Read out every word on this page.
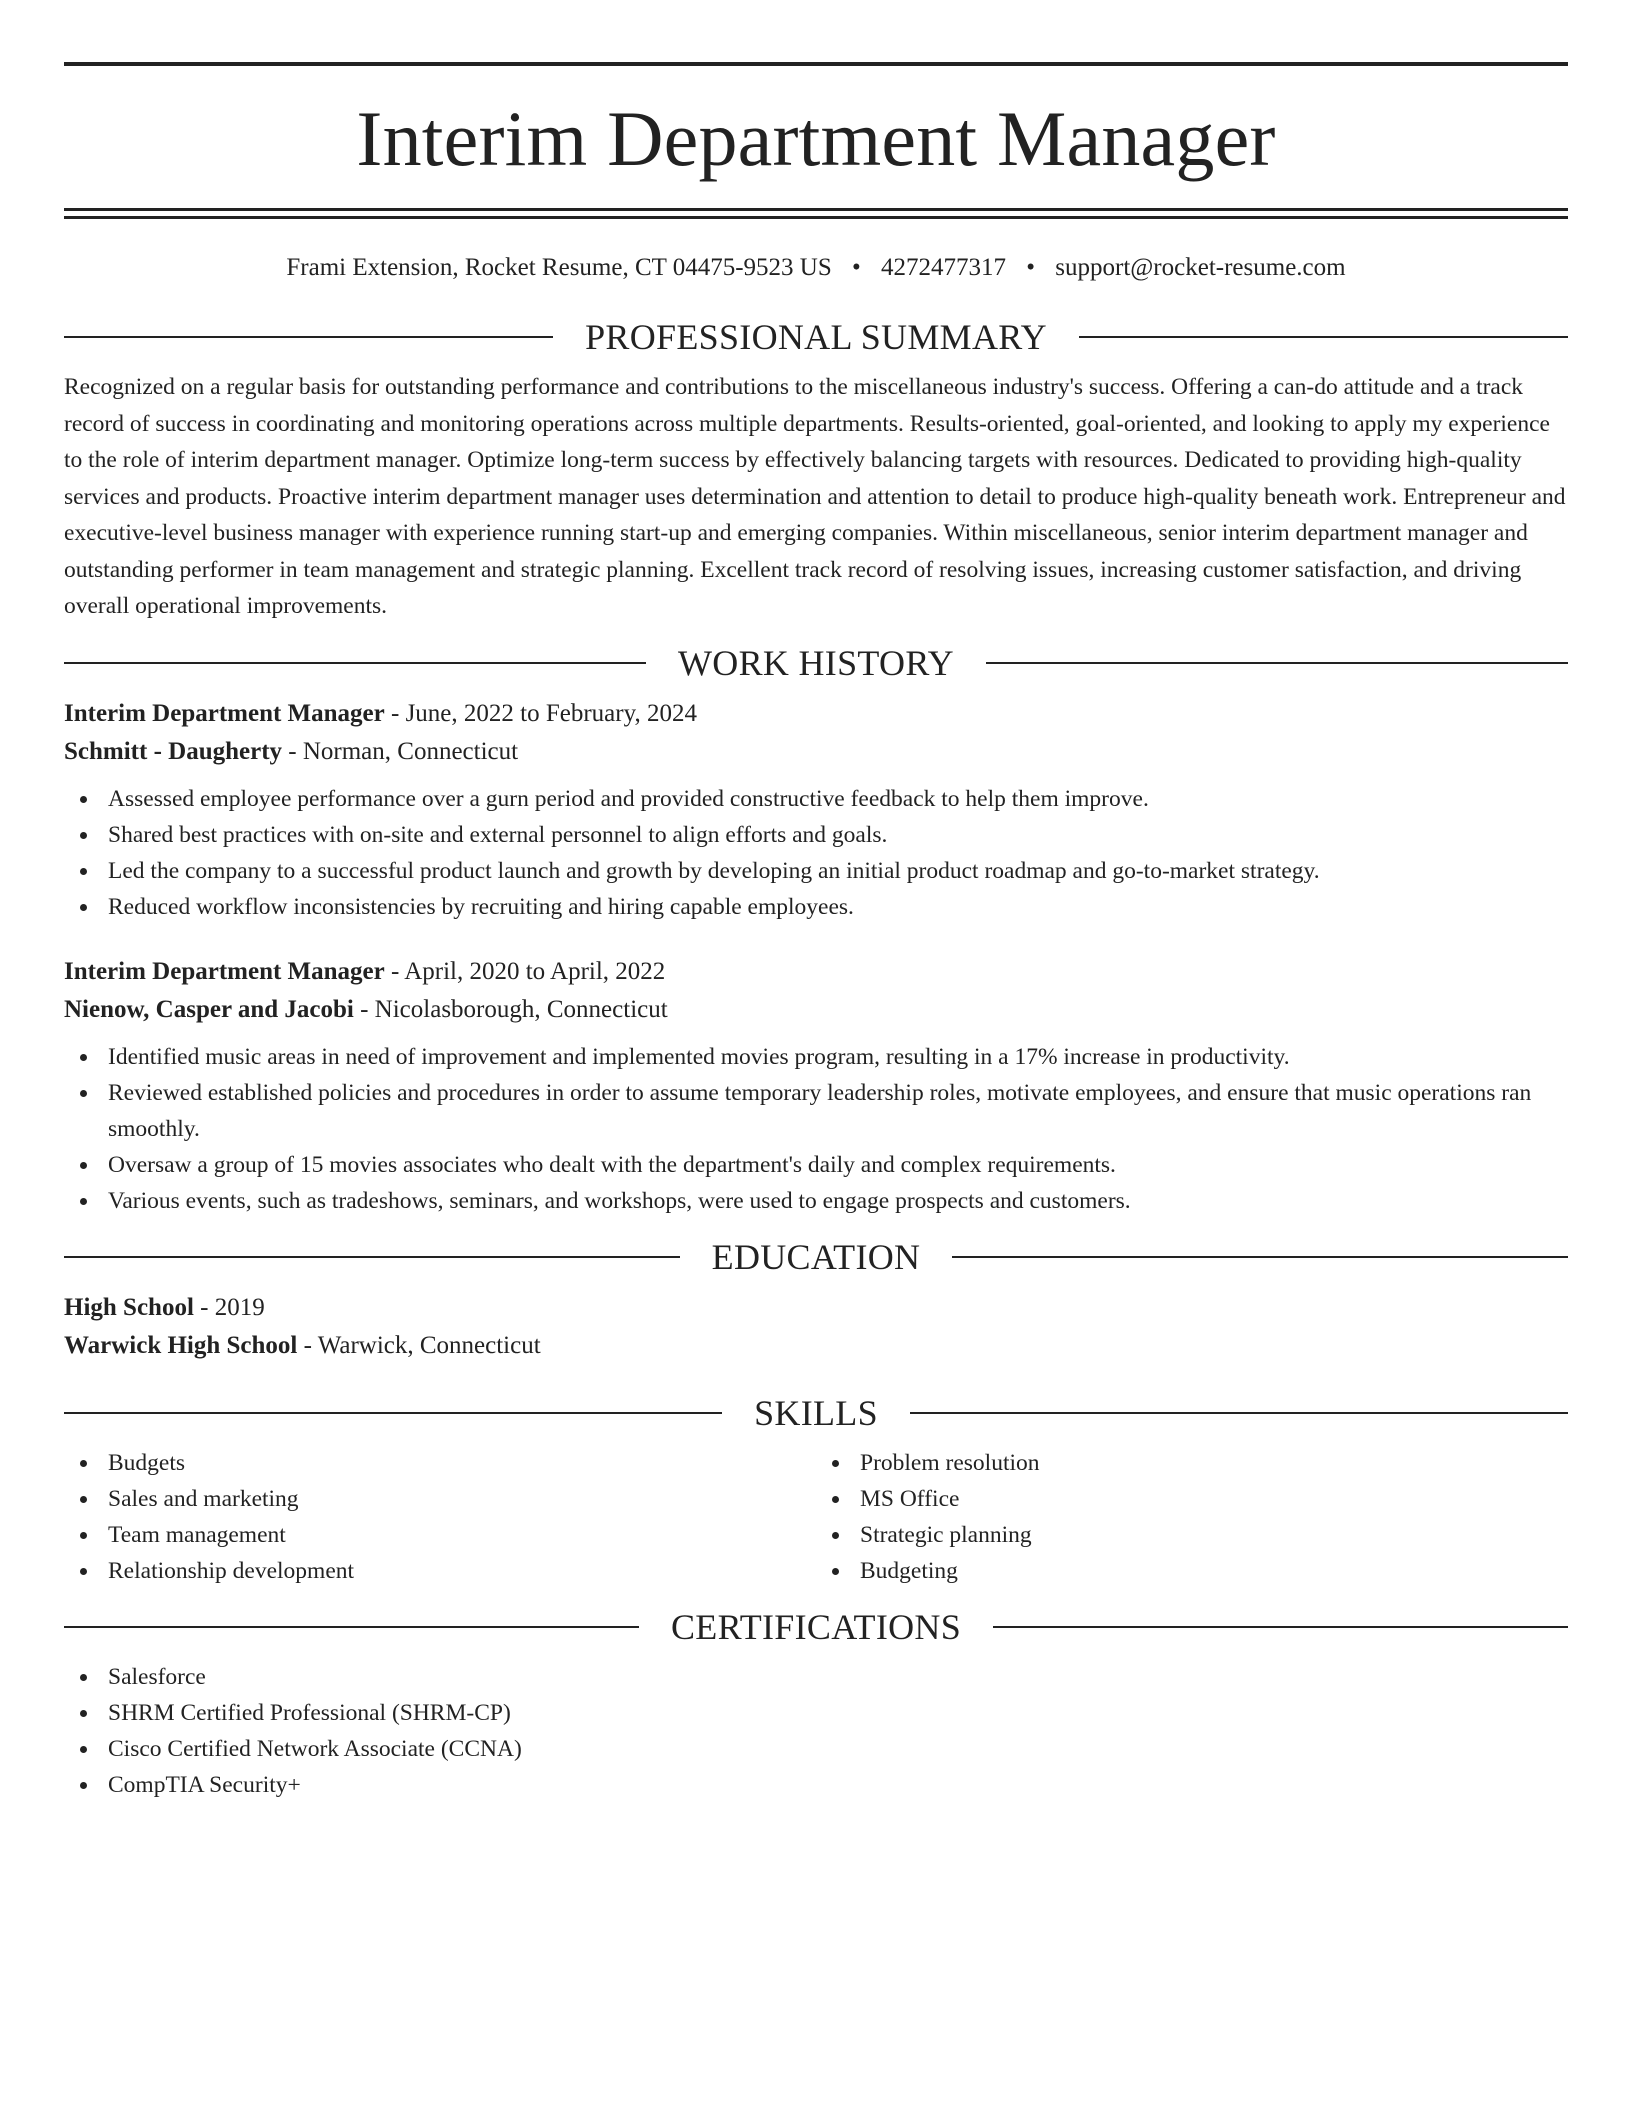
Interim Department Manager
Frami Extension, Rocket Resume, CT 04475-9523 US • 4272477317 • support@rocket-resume.com
PROFESSIONAL SUMMARY

Recognized on a regular basis for outstanding performance and contributions to the miscellaneous industry's success. Offering a can-do attitude and a track record of success in coordinating and monitoring operations across multiple departments. Results-oriented, goal-oriented, and looking to apply my experience to the role of interim department manager. Optimize long-term success by effectively balancing targets with resources. Dedicated to providing high-quality services and products. Proactive interim department manager uses determination and attention to detail to produce high-quality beneath work. Entrepreneur and executive-level business manager with experience running start-up and emerging companies. Within miscellaneous, senior interim department manager and outstanding performer in team management and strategic planning. Excellent track record of resolving issues, increasing customer satisfaction, and driving overall operational improvements.

WORK HISTORY
Interim Department Manager - June, 2022 to February, 2024
Schmitt - Daugherty - Norman, Connecticut
Assessed employee performance over a gurn period and provided constructive feedback to help them improve.
Shared best practices with on-site and external personnel to align efforts and goals.
Led the company to a successful product launch and growth by developing an initial product roadmap and go-to-market strategy.
Reduced workflow inconsistencies by recruiting and hiring capable employees.
Interim Department Manager - April, 2020 to April, 2022
Nienow, Casper and Jacobi - Nicolasborough, Connecticut
Identified music areas in need of improvement and implemented movies program, resulting in a 17% increase in productivity.
Reviewed established policies and procedures in order to assume temporary leadership roles, motivate employees, and ensure that music operations ran smoothly.
Oversaw a group of 15 movies associates who dealt with the department's daily and complex requirements.
Various events, such as tradeshows, seminars, and workshops, were used to engage prospects and customers.
EDUCATION
High School - 2019
Warwick High School - Warwick, Connecticut
SKILLS
Budgets
Sales and marketing
Team management
Relationship development
Problem resolution
MS Office
Strategic planning
Budgeting
CERTIFICATIONS
Salesforce
SHRM Certified Professional (SHRM-CP)
Cisco Certified Network Associate (CCNA)
CompTIA Security+
